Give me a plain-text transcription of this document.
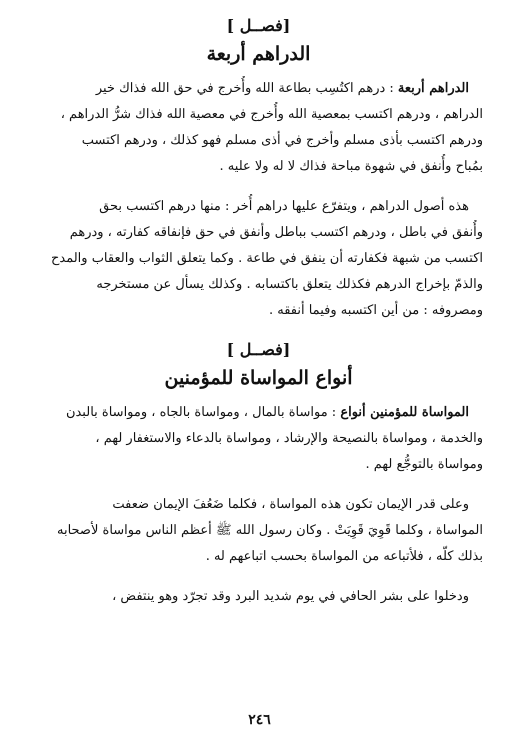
[فصــل ]

الدراهم أربعة

الدراهم أربعة : درهم اكتُسِب بطاعة الله وأُخرج في حق الله فذاك خير
الدراهم ، ودرهم اكتسب بمعصية الله وأُخرج في معصية الله فذاك شرُّ الدراهم ،
ودرهم اكتسب بأذى مسلم وأخرج في أذى مسلم فهو كذلك ، ودرهم اكتسب
بمُباح وأُنفق في شهوة مباحة فذاك لا له ولا عليه .
هذه أصول الدراهم ، ويتفرّع عليها دراهم أُخر : منها درهم اكتسب بحق
وأُنفق في باطل ، ودرهم اكتسب بباطل وأنفق في حق فإنفاقه كفارته ، ودرهم
اكتسب من شبهة فكفارته أن ينفق في طاعة . وكما يتعلق الثواب والعقاب والمدح
والذمّ بإخراج الدرهم فكذلك يتعلق باكتسابه . وكذلك يسأل عن مستخرجه
ومصروفه : من أين اكتسبه وفيما أنفقه .

[فصــل ]

أنواع المواساة للمؤمنين

المواساة للمؤمنين أنواع : مواساة بالمال ، ومواساة بالجاه ، ومواساة بالبدن
والخدمة ، ومواساة بالنصيحة والإرشاد ، ومواساة بالدعاء والاستغفار لهم ،
ومواساة بالتوجُّع لهم .
وعلى قدر الإيمان تكون هذه المواساة ، فكلما ضَعُفَ الإيمان ضعفت
المواساة ، وكلما قَوِيَ قَوِيَتْ . وكان رسول الله ﷺ أعظم الناس مواساة لأصحابه
بذلك كلّه ، فلأتباعه من المواساة بحسب اتباعهم له .
ودخلوا على بشر الحافي في يوم شديد البرد وقد تجرّد وهو ينتفض ،
٢٤٦
